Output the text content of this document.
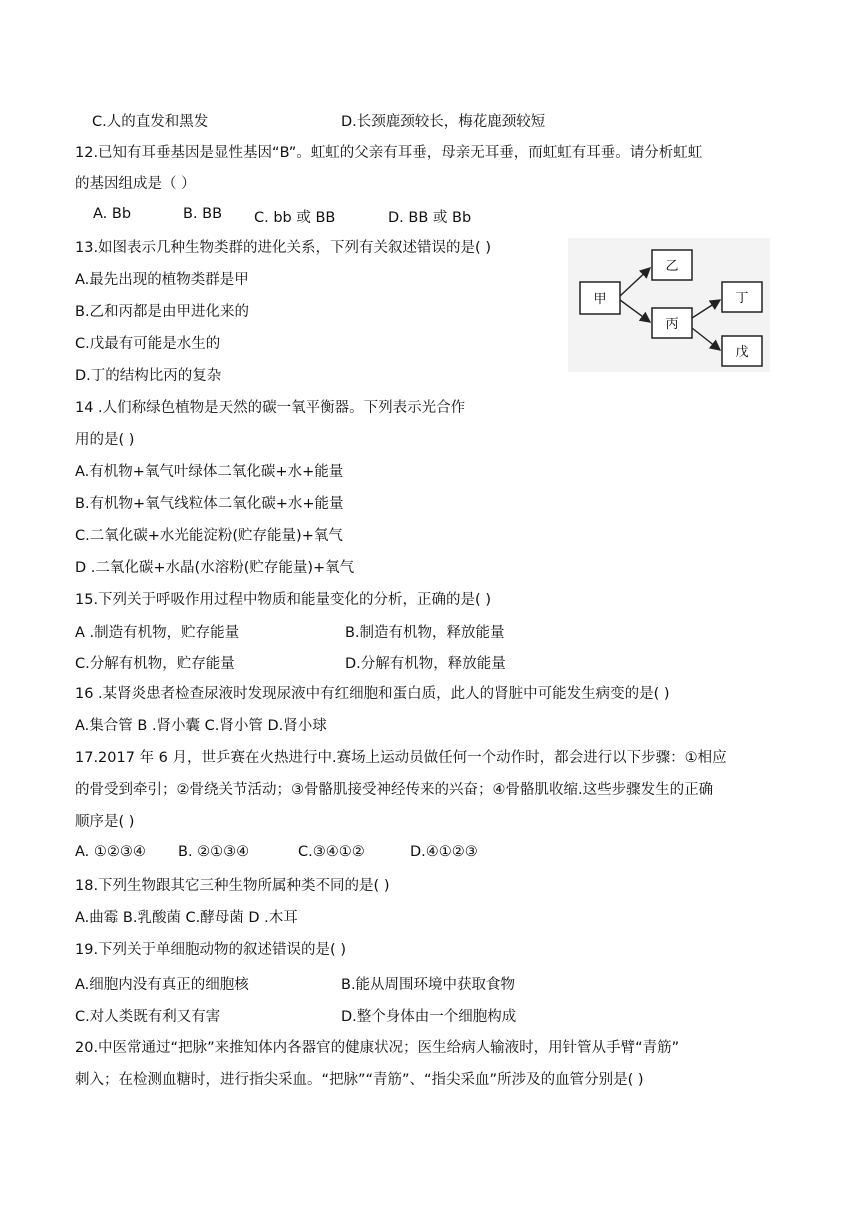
C.人的直发和黑发	D.长颈鹿颈较长，梅花鹿颈较短
12.已知有耳垂基因是显性基因“B”。虹虹的父亲有耳垂，母亲无耳垂，而虹虹有耳垂。请分析虹虹
的基因组成是（ ）
A. Bb	B. BB C. bb 或 BB	D. BB 或 Bb
13.如图表示几种生物类群的进化关系，下列有关叙述错误的是( )
A.最先出现的植物类群是甲
B.乙和丙都是由甲进化来的
C.戊最有可能是水生的
D.丁的结构比丙的复杂
甲
乙
丙
丁
戊
14 .人们称绿色植物是天然的碳一氧平衡器。下列表示光合作
用的是( )
A.有机物+氧气叶绿体二氧化碳+水+能量
B.有机物+氧气线粒体二氧化碳+水+能量
C.二氧化碳+水光能淀粉(贮存能量)+氧气
D .二氧化碳+水晶(水溶粉(贮存能量)+氧气
15.下列关于呼吸作用过程中物质和能量变化的分析，正确的是( )
A .制造有机物，贮存能量	B.制造有机物，释放能量
C.分解有机物，贮存能量	D.分解有机物，释放能量
16 .某肾炎患者检查尿液时发现尿液中有红细胞和蛋白质，此人的肾脏中可能发生病变的是( )
A.集合管 B .肾小囊 C.肾小管 D.肾小球
17.2017 年 6 月，世乒赛在火热进行中.赛场上运动员做任何一个动作时，都会进行以下步骤：①相应
的骨受到牵引；②骨绕关节活动；③骨骼肌接受神经传来的兴奋；④骨骼肌收缩.这些步骤发生的正确
顺序是( )
A. ①②③④ B. ②①③④	C.③④①②	D.④①②③
18.下列生物跟其它三种生物所属种类不同的是( )
A.曲霉 B.乳酸菌 C.酵母菌 D .木耳
19.下列关于单细胞动物的叙述错误的是( )
A.细胞内没有真正的细胞核	B.能从周围环境中获取食物
C.对人类既有利又有害	D.整个身体由一个细胞构成
20.中医常通过“把脉”来推知体内各器官的健康状况；医生给病人输液时，用针管从手臂“青筋”
刺入；在检测血糖时，进行指尖采血。“把脉”“青筋”、“指尖采血”所涉及的血管分别是( )
